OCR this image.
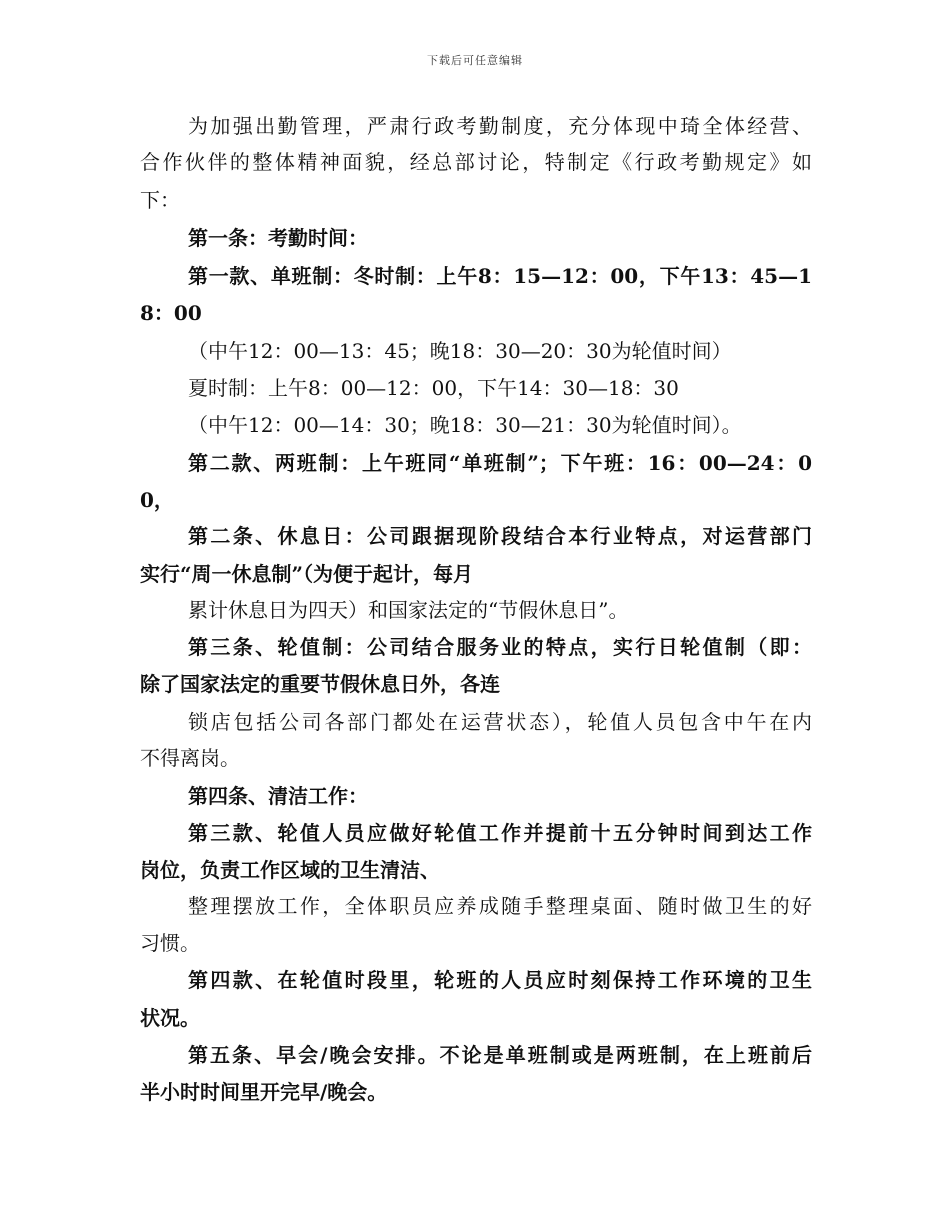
下载后可任意编辑
为加强出勤管理，严肃行政考勤制度，充分体现中琦全体经营、
合作伙伴的整体精神面貌，经总部讨论，特制定《行政考勤规定》如
下：
第一条：考勤时间：
第一款、单班制：冬时制：上午8：15—12：00，下午13：45—1
8：00
（中午12：00—13：45；晚18：30—20：30为轮值时间）
夏时制：上午8：00—12：00，下午14：30—18：30
（中午12：00—14：30；晚18：30—21：30为轮值时间）。
第二款、两班制：上午班同“单班制”；下午班：16：00—24：0
0，
第二条、休息日：公司跟据现阶段结合本行业特点，对运营部门
实行“周一休息制”（为便于起计，每月
累计休息日为四天）和国家法定的“节假休息日”。
第三条、轮值制：公司结合服务业的特点，实行日轮值制（即：
除了国家法定的重要节假休息日外，各连
锁店包括公司各部门都处在运营状态），轮值人员包含中午在内
不得离岗。
第四条、清洁工作：
第三款、轮值人员应做好轮值工作并提前十五分钟时间到达工作
岗位，负责工作区域的卫生清洁、
整理摆放工作，全体职员应养成随手整理桌面、随时做卫生的好
习惯。
第四款、在轮值时段里，轮班的人员应时刻保持工作环境的卫生
状况。
第五条、早会/晚会安排。不论是单班制或是两班制，在上班前后
半小时时间里开完早/晚会。
